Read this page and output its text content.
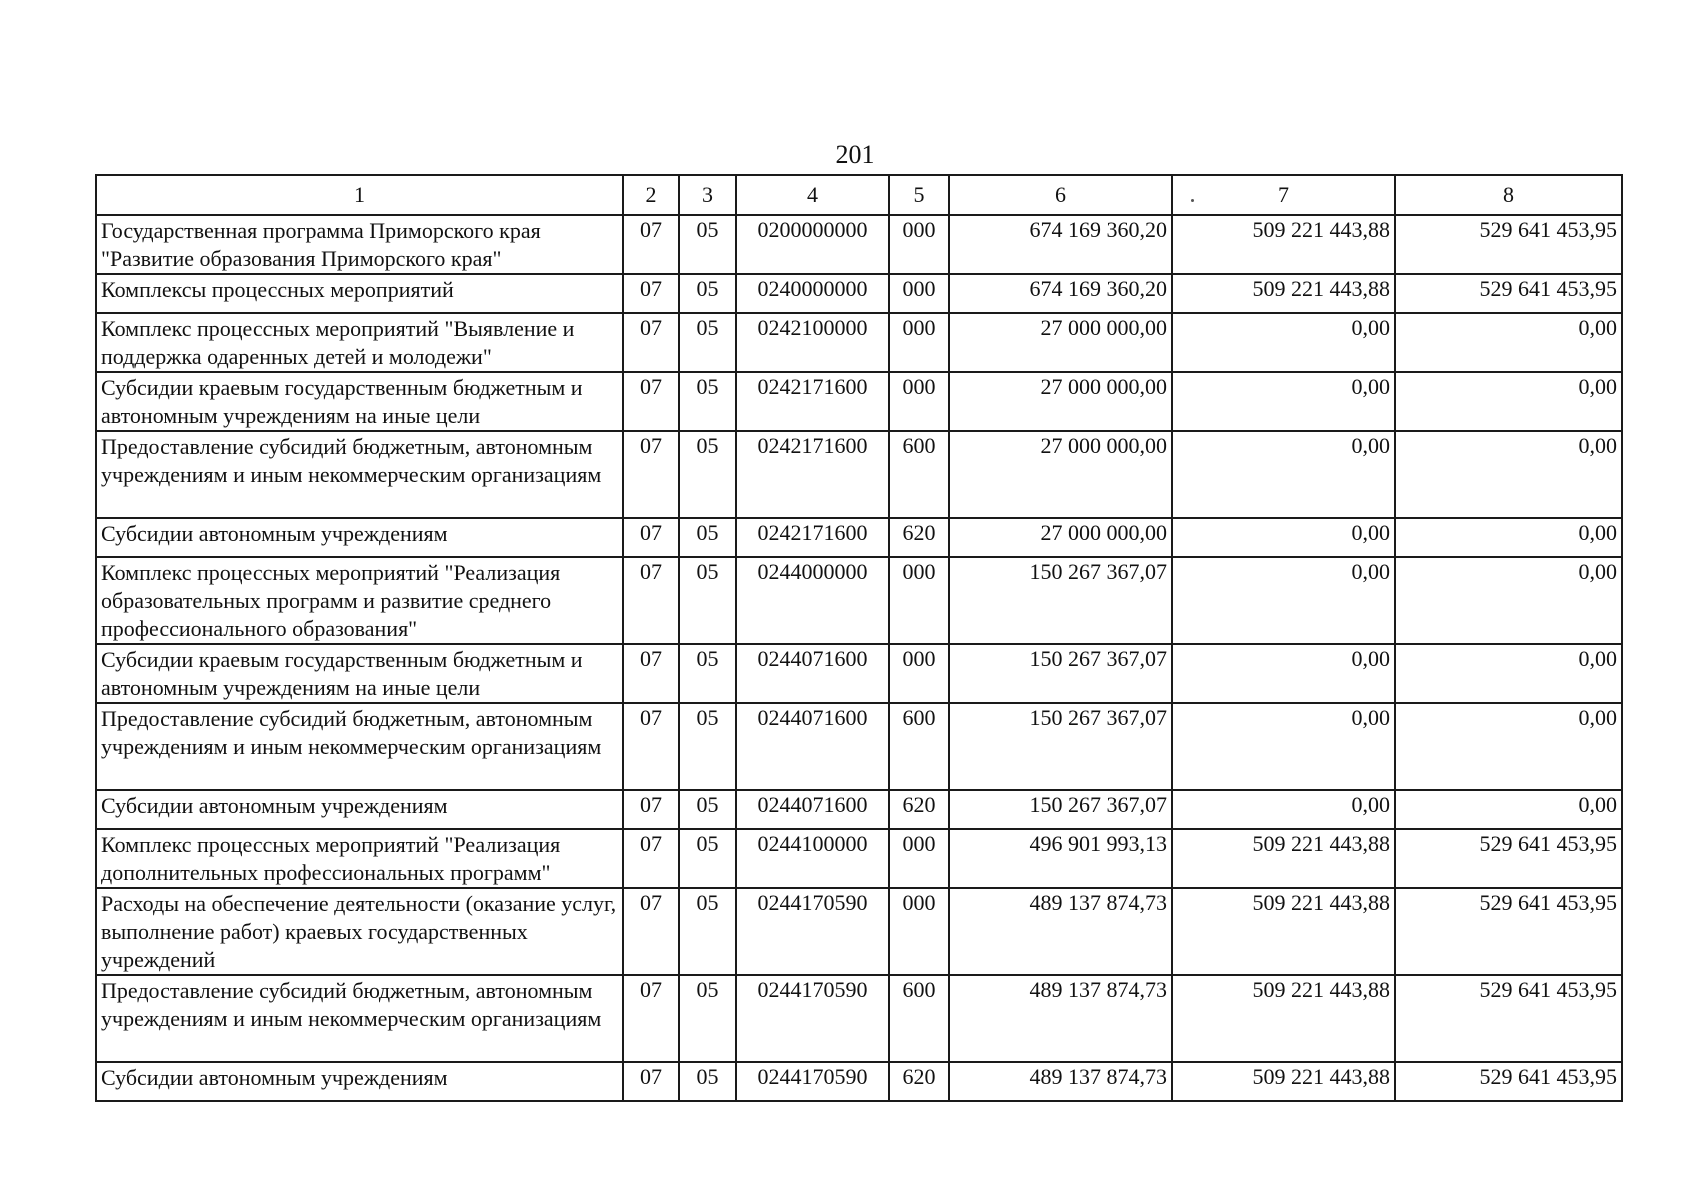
201
1	2	3	4	5	6	7	8
Государственная программа Приморского края "Развитие образования Приморского края"	07	05	0200000000	000	674 169 360,20	509 221 443,88	529 641 453,95
Комплексы процессных мероприятий	07	05	0240000000	000	674 169 360,20	509 221 443,88	529 641 453,95
Комплекс процессных мероприятий "Выявление и поддержка одаренных детей и молодежи"	07	05	0242100000	000	27 000 000,00	0,00	0,00
Субсидии краевым государственным бюджетным и автономным учреждениям на иные цели	07	05	0242171600	000	27 000 000,00	0,00	0,00
Предоставление субсидий бюджетным, автономным учреждениям и иным некоммерческим организациям	07	05	0242171600	600	27 000 000,00	0,00	0,00
Субсидии автономным учреждениям	07	05	0242171600	620	27 000 000,00	0,00	0,00
Комплекс процессных мероприятий "Реализация образовательных программ и развитие среднего профессионального образования"	07	05	0244000000	000	150 267 367,07	0,00	0,00
Субсидии краевым государственным бюджетным и автономным учреждениям на иные цели	07	05	0244071600	000	150 267 367,07	0,00	0,00
Предоставление субсидий бюджетным, автономным учреждениям и иным некоммерческим организациям	07	05	0244071600	600	150 267 367,07	0,00	0,00
Субсидии автономным учреждениям	07	05	0244071600	620	150 267 367,07	0,00	0,00
Комплекс процессных мероприятий "Реализация дополнительных профессиональных программ"	07	05	0244100000	000	496 901 993,13	509 221 443,88	529 641 453,95
Расходы на обеспечение деятельности (оказание услуг, выполнение работ) краевых государственных учреждений	07	05	0244170590	000	489 137 874,73	509 221 443,88	529 641 453,95
Предоставление субсидий бюджетным, автономным учреждениям и иным некоммерческим организациям	07	05	0244170590	600	489 137 874,73	509 221 443,88	529 641 453,95
Субсидии автономным учреждениям	07	05	0244170590	620	489 137 874,73	509 221 443,88	529 641 453,95
